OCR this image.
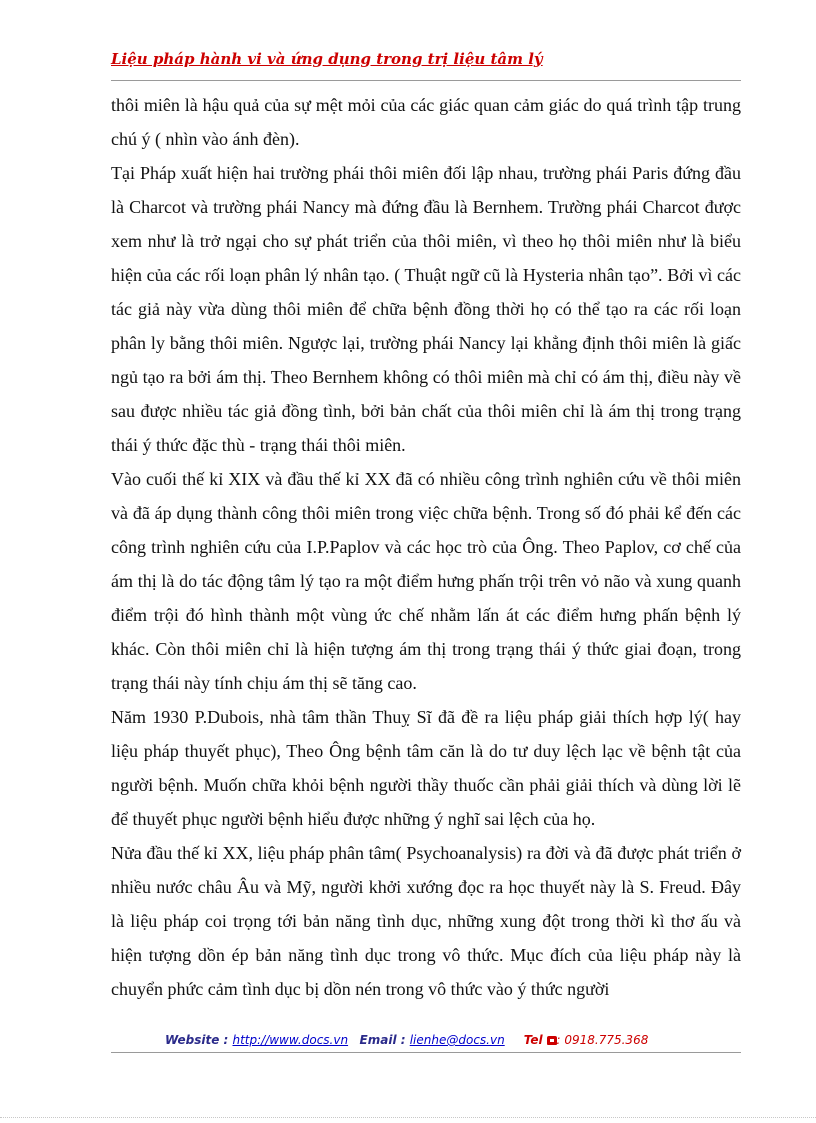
Liệu pháp hành vi và ứng dụng trong trị liệu tâm lý

thôi miên là hậu quả của sự mệt mỏi của các giác quan cảm giác do quá trình tập trung chú ý ( nhìn vào ánh đèn).

Tại Pháp xuất hiện hai trường phái thôi miên đối lập nhau, trường phái Paris đứng đầu là Charcot và trường phái Nancy mà đứng đầu là Bernhem. Trường phái Charcot được xem như là trở ngại cho sự phát triển của thôi miên, vì theo họ thôi miên như là biểu hiện của các rối loạn phân lý nhân tạo. ( Thuật ngữ cũ là Hysteria nhân tạo”. Bởi vì các tác giả này vừa dùng thôi miên để chữa bệnh đồng thời họ có thể tạo ra các rối loạn phân ly bằng thôi miên. Ngược lại, trường phái Nancy lại khẳng định thôi miên là giấc ngủ tạo ra bởi ám thị. Theo Bernhem không có thôi miên mà chỉ có ám thị, điều này về sau được nhiều tác giả đồng tình, bởi bản chất của thôi miên chỉ là ám thị trong trạng thái ý thức đặc thù - trạng thái thôi miên.

Vào cuối thế kỉ XIX và đầu thế kỉ XX đã có nhiều công trình nghiên cứu về thôi miên và đã áp dụng thành công thôi miên trong việc chữa bệnh. Trong số đó phải kể đến các công trình nghiên cứu của I.P.Paplov và các học trò của Ông. Theo Paplov, cơ chế của ám thị là do tác động tâm lý tạo ra một điểm hưng phấn trội trên vỏ não và xung quanh điểm trội đó hình thành một vùng ức chế nhằm lấn át các điểm hưng phấn bệnh lý khác. Còn thôi miên chỉ là hiện tượng ám thị trong trạng thái ý thức giai đoạn, trong trạng thái này tính chịu ám thị sẽ tăng cao.

Năm 1930 P.Dubois, nhà tâm thần Thuỵ Sĩ đã đề ra liệu pháp giải thích hợp lý( hay liệu pháp thuyết phục), Theo Ông bệnh tâm căn là do tư duy lệch lạc về bệnh tật của người bệnh. Muốn chữa khỏi bệnh người thầy thuốc cần phải giải thích và dùng lời lẽ để thuyết phục người bệnh hiểu được những ý nghĩ sai lệch của họ.

Nửa đầu thế kỉ XX, liệu pháp phân tâm( Psychoanalysis) ra đời và đã được phát triển ở nhiều nước châu Âu và Mỹ, người khởi xướng đọc ra học thuyết này là S. Freud. Đây là liệu pháp coi trọng tới bản năng tình dục, những xung đột trong thời kì thơ ấu và hiện tượng dồn ép bản năng tình dục trong vô thức. Mục đích của liệu pháp này là chuyển phức cảm tình dục bị dồn nén trong vô thức vào ý thức người

Website : http://www.docs.vn Email : lienhe@docs.vn Tel : 0918.775.368
